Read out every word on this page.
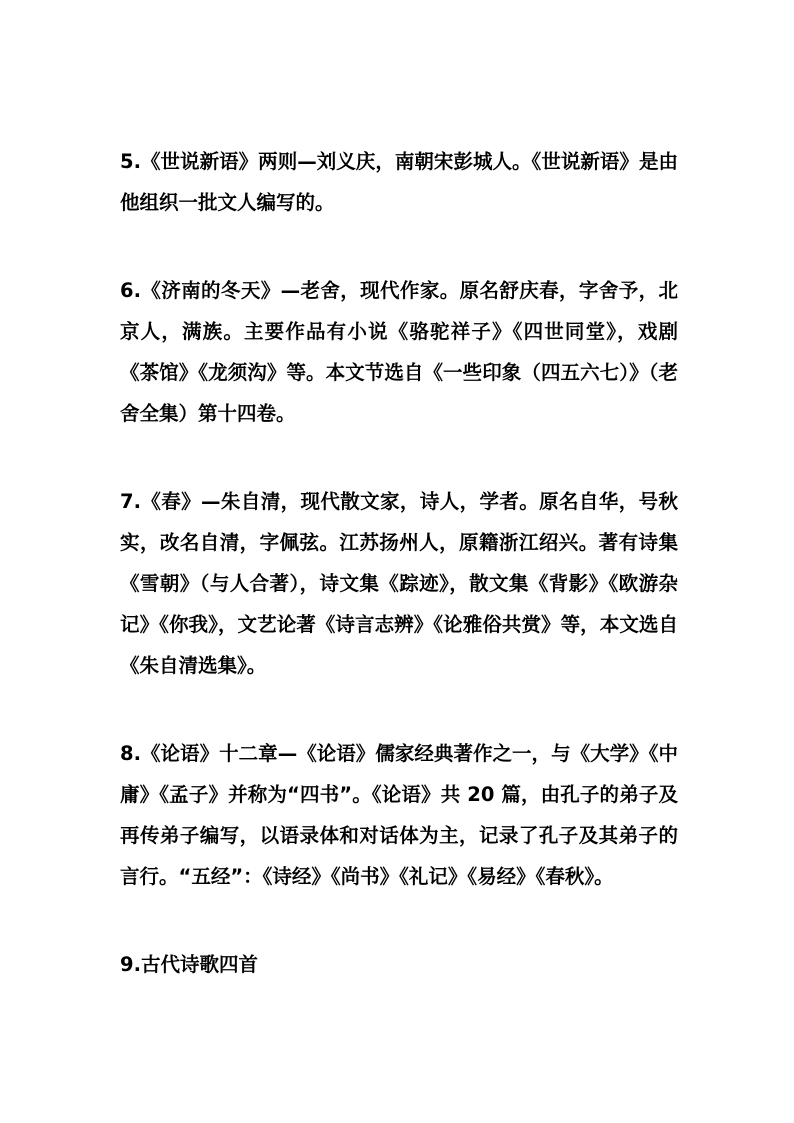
5.《世说新语》两则—刘义庆，南朝宋彭城人。《世说新语》是由他组织一批文人编写的。

6.《济南的冬天》—老舍，现代作家。原名舒庆春，字舍予，北京人，满族。主要作品有小说《骆驼祥子》《四世同堂》，戏剧《茶馆》《龙须沟》等。本文节选自《一些印象（四五六七）》（老舍全集）第十四卷。

7.《春》—朱自清，现代散文家，诗人，学者。原名自华，号秋实，改名自清，字佩弦。江苏扬州人，原籍浙江绍兴。著有诗集《雪朝》（与人合著），诗文集《踪迹》，散文集《背影》《欧游杂记》《你我》，文艺论著《诗言志辨》《论雅俗共赏》等，本文选自《朱自清选集》。

8.《论语》十二章—《论语》儒家经典著作之一，与《大学》《中庸》《孟子》并称为“四书”。《论语》共 20 篇，由孔子的弟子及再传弟子编写，以语录体和对话体为主，记录了孔子及其弟子的言行。“五经”：《诗经》《尚书》《礼记》《易经》《春秋》。

9.古代诗歌四首
